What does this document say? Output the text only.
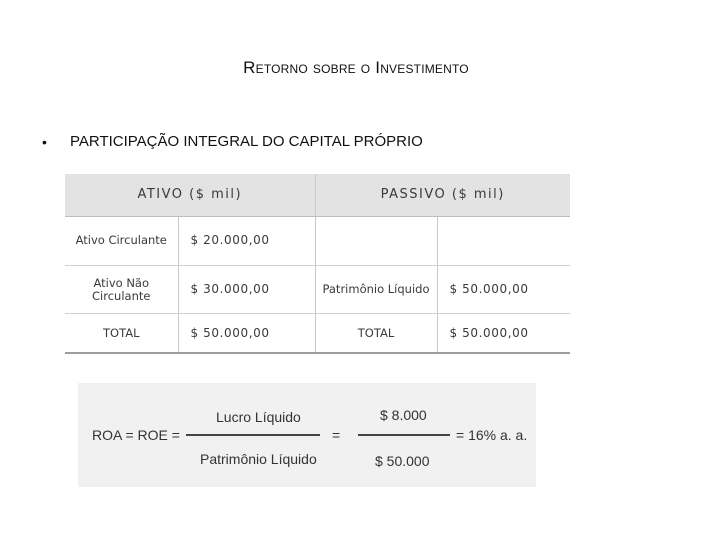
Retorno sobre o Investimento
•	PARTICIPAÇÃO INTEGRAL DO CAPITAL PRÓPRIO
ATIVO ($ mil)		PASSIVO ($ mil)	
Ativo Circulante	$ 20.000,00		
Ativo Não Circulante	$ 30.000,00	Patrimônio Líquido	$ 50.000,00
TOTAL	$ 50.000,00	TOTAL	$ 50.000,00
ROA = ROE =
Lucro Líquido
Patrimônio Líquido
=
$ 8.000
$ 50.000
= 16% a. a.
